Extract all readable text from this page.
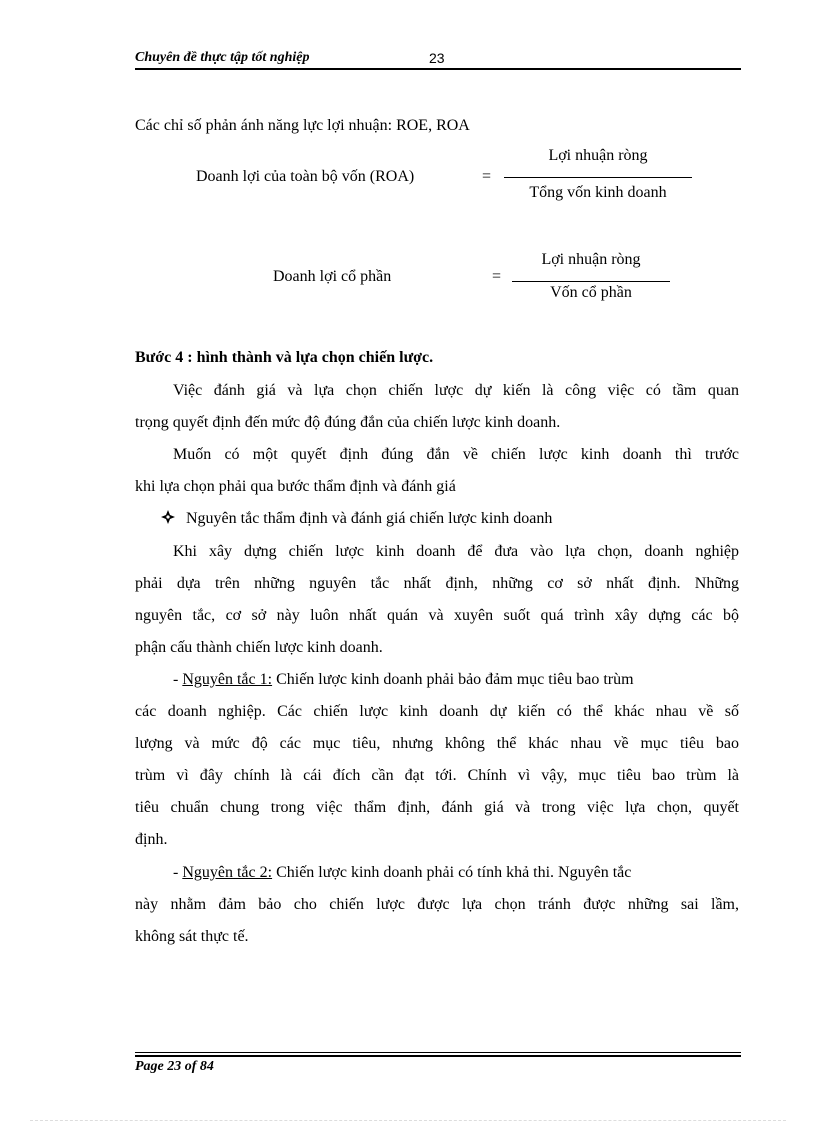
Chuyên đề thực tập tốt nghiệp	23
Các chỉ số phản ánh năng lực lợi nhuận: ROE, ROA
Doanh lợi của toàn bộ vốn (ROA)	=
Lợi nhuận ròng
Tổng vốn kinh doanh
Doanh lợi cổ phần	=
Lợi nhuận ròng
Vốn cổ phần
Bước 4 : hình thành và lựa chọn chiến lược.
Việc đánh giá và lựa chọn chiến lược dự kiến là công việc có tầm quan
trọng quyết định đến mức độ đúng đắn của chiến lược kinh doanh.
Muốn có một quyết định đúng đắn về chiến lược kinh doanh thì trước
khi lựa chọn phải qua bước thẩm định và đánh giá
Nguyên tắc thẩm định và đánh giá chiến lược kinh doanh
Khi xây dựng chiến lược kinh doanh để đưa vào lựa chọn, doanh nghiệp
phải dựa trên những nguyên tắc nhất định, những cơ sở nhất định. Những
nguyên tắc, cơ sở này luôn nhất quán và xuyên suốt quá trình xây dựng các bộ
phận cấu thành chiến lược kinh doanh.
- Nguyên tắc 1: Chiến lược kinh doanh phải bảo đảm mục tiêu bao trùm
các doanh nghiệp. Các chiến lược kinh doanh dự kiến có thể khác nhau về số
lượng và mức độ các mục tiêu, nhưng không thể khác nhau về mục tiêu bao
trùm vì đây chính là cái đích cần đạt tới. Chính vì vậy, mục tiêu bao trùm là
tiêu chuẩn chung trong việc thẩm định, đánh giá và trong việc lựa chọn, quyết
định.
- Nguyên tắc 2: Chiến lược kinh doanh phải có tính khả thi. Nguyên tắc
này nhằm đảm bảo cho chiến lược được lựa chọn tránh được những sai lầm,
không sát thực tế.
Page 23 of 84
